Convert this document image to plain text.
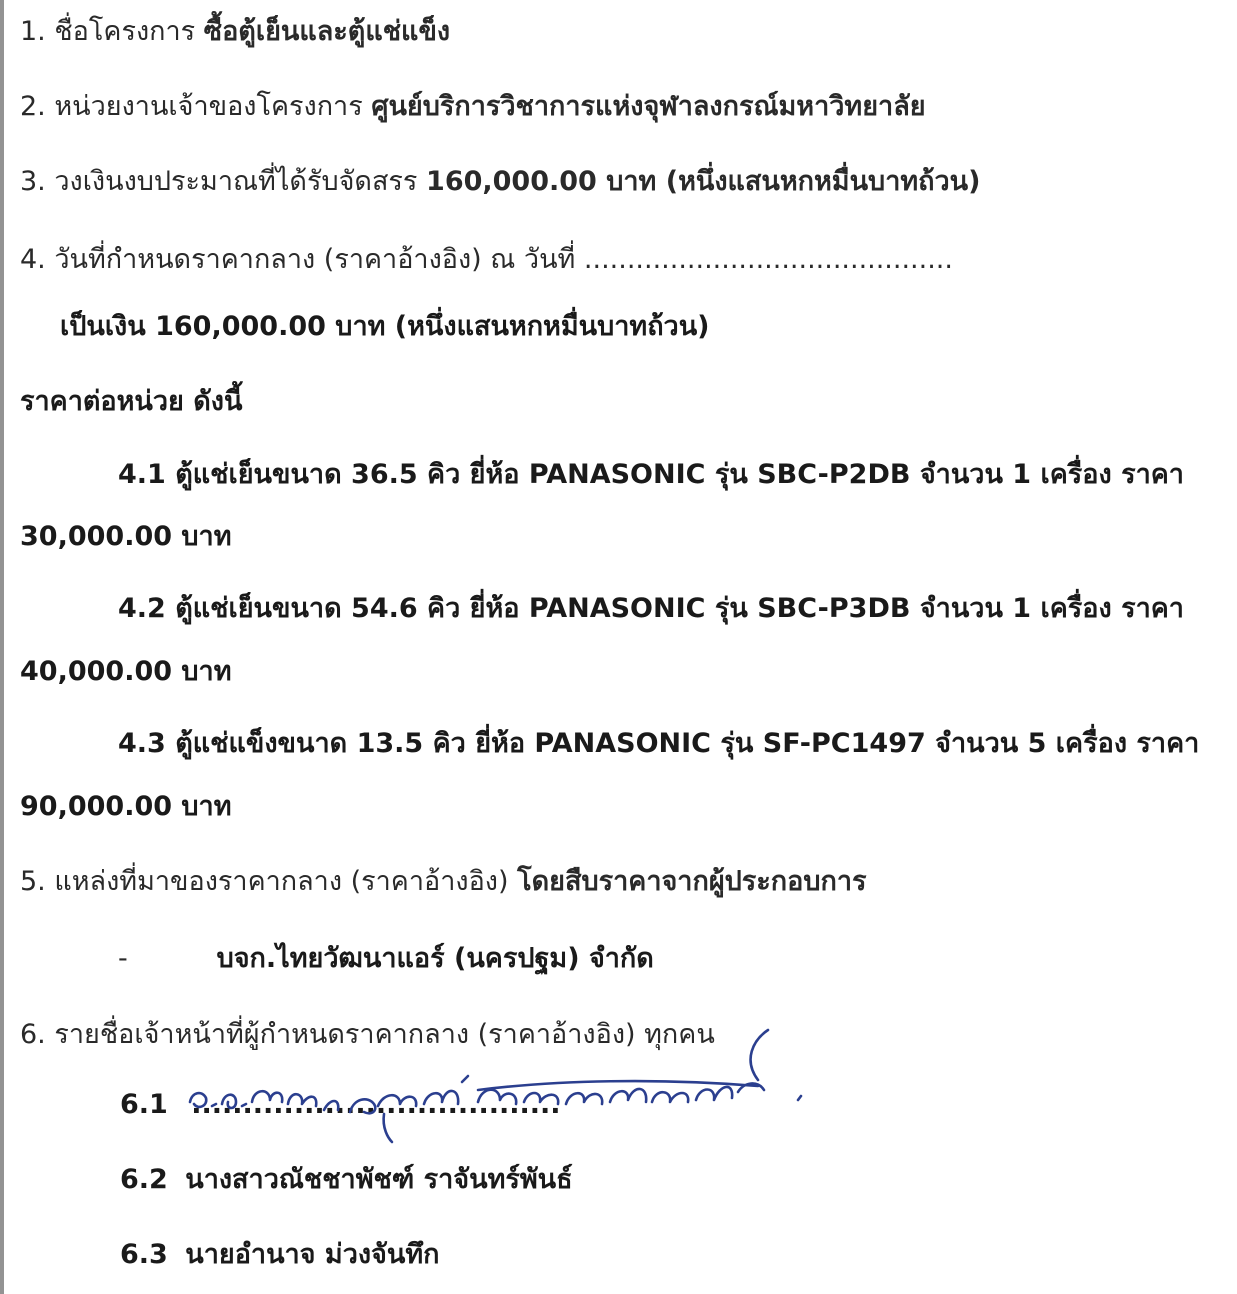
1. ชื่อโครงการ ซื้อตู้เย็นและตู้แช่แข็ง
2. หน่วยงานเจ้าของโครงการ ศูนย์บริการวิชาการแห่งจุฬาลงกรณ์มหาวิทยาลัย
3. วงเงินงบประมาณที่ได้รับจัดสรร 160,000.00 บาท (หนึ่งแสนหกหมื่นบาทถ้วน)
4. วันที่กำหนดราคากลาง (ราคาอ้างอิง) ณ วันที่ ...........................................
เป็นเงิน 160,000.00 บาท (หนึ่งแสนหกหมื่นบาทถ้วน)
ราคาต่อหน่วย ดังนี้
4.1 ตู้แช่เย็นขนาด 36.5 คิว ยี่ห้อ PANASONIC รุ่น SBC-P2DB จำนวน 1 เครื่อง ราคา
30,000.00 บาท
4.2 ตู้แช่เย็นขนาด 54.6 คิว ยี่ห้อ PANASONIC รุ่น SBC-P3DB จำนวน 1 เครื่อง ราคา
40,000.00 บาท
4.3 ตู้แช่แข็งขนาด 13.5 คิว ยี่ห้อ PANASONIC รุ่น SF-PC1497 จำนวน 5 เครื่อง ราคา
90,000.00 บาท
5. แหล่งที่มาของราคากลาง (ราคาอ้างอิง) โดยสืบราคาจากผู้ประกอบการ
-	บจก.ไทยวัฒนาแอร์ (นครปฐม) จำกัด
6. รายชื่อเจ้าหน้าที่ผู้กำหนดราคากลาง (ราคาอ้างอิง) ทุกคน
6.1 ....................................
6.2 นางสาวณัชชาพัชฑ์ ราจันทร์พันธ์
6.3 นายอำนาจ ม่วงจันทึก
